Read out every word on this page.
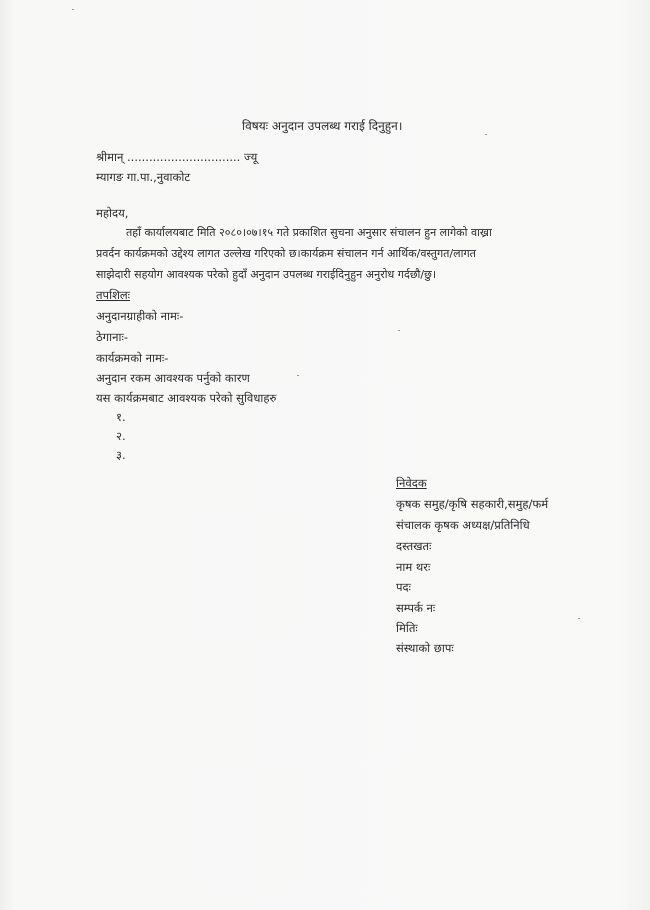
विषयः अनुदान उपलब्ध गराई दिनुहुन।
श्रीमान् ............................... ज्यू
म्यागङ गा.पा.,नुवाकोट
महोदय,
तहाँ कार्यालयबाट मिति २०८०।०७।१५ गते प्रकाशित सुचना अनुसार संचालन हुन लागेको वाख्रा
प्रवर्दन कार्यक्रमको उद्देश्य लागत उल्लेख गरिएको छ।कार्यक्रम संचालन गर्न आर्थिक/वस्तुगत/लागत
साझेदारी सहयोग आवश्यक परेको हुदाँ अनुदान उपलब्ध गराईदिनुहुन अनुरोध गर्दछौ/छु।
तपशिलः
अनुदानग्राहीको नामः-
ठेगानाः-
कार्यक्रमको नामः-
अनुदान रकम आवश्यक पर्नुको कारण
यस कार्यक्रमबाट आवश्यक परेको सुविधाहरु
१.
२.
३.
निवेदक
कृषक समुह/कृषि सहकारी,समुह/फर्म
संचालक कृषक अध्यक्ष/प्रतिनिधि
दस्तखतः
नाम थरः
पदः
सम्पर्क नः
मितिः
संस्थाको छापः
